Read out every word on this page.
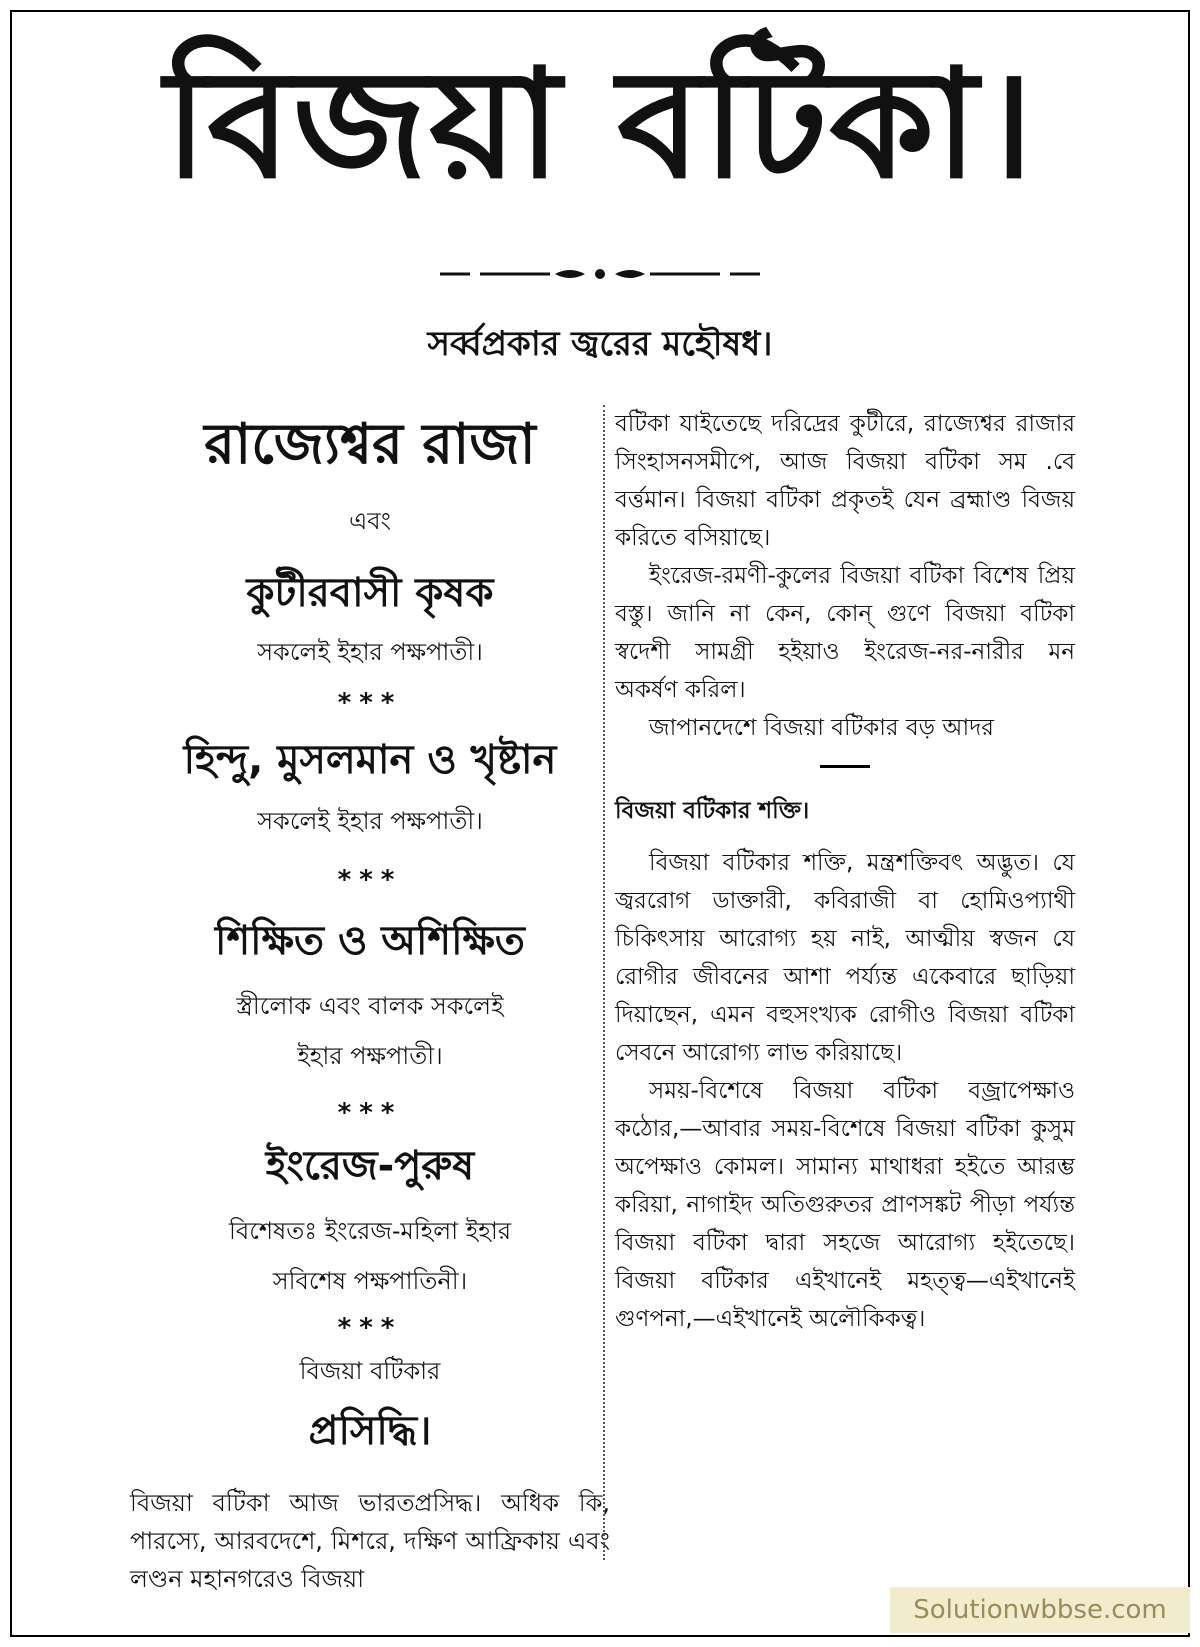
বিজয়া বটিকা।
সর্ব্বপ্রকার জ্বরের মহৌষধ।

রাজ্যেশ্বর রাজা

এবং

কুটীরবাসী কৃষক

সকলেই ইহার পক্ষপাতী।

***

হিন্দু, মুসলমান ও খৃষ্টান

সকলেই ইহার পক্ষপাতী।

***

শিক্ষিত ও অশিক্ষিত

স্ত্রীলোক এবং বালক সকলেই

ইহার পক্ষপাতী।

***

ইংরেজ-পুরুষ

বিশেষতঃ ইংরেজ-মহিলা ইহার

সবিশেষ পক্ষপাতিনী।

***

বিজয়া বটিকার

প্রসিদ্ধি।

বিজয়া বটিকা আজ ভারতপ্রসিদ্ধ। অধিক কি, পারস্যে, আরবদেশে, মিশরে, দক্ষিণ আফ্রিকায় এবং লণ্ডন মহানগরেও বিজয়া

বটিকা যাইতেছে দরিদ্রের কুটীরে, রাজ্যেশ্বর রাজার সিংহাসনসমীপে, আজ বিজয়া বটিকা সম .বে বর্ত্তমান। বিজয়া বটিকা প্রকৃতই যেন ব্রহ্মাণ্ড বিজয় করিতে বসিয়াছে।

ইংরেজ-রমণী-কুলের বিজয়া বটিকা বিশেষ প্রিয় বস্তু। জানি না কেন, কোন্ গুণে বিজয়া বটিকা স্বদেশী সামগ্রী হইয়াও ইংরেজ-নর-নারীর মন অকর্ষণ করিল।

জাপানদেশে বিজয়া বটিকার বড় আদর

বিজয়া বটিকার শক্তি।

বিজয়া বটিকার শক্তি, মন্ত্রশক্তিবৎ অদ্ভুত। যে জ্বররোগ ডাক্তারী, কবিরাজী বা হোমিওপ্যাথী চিকিৎসায় আরোগ্য হয় নাই, আত্মীয় স্বজন যে রোগীর জীবনের আশা পর্য্যন্ত একেবারে ছাড়িয়া দিয়াছেন, এমন বহুসংখ্যক রোগীও বিজয়া বটিকা সেবনে আরোগ্য লাভ করিয়াছে।

সময়-বিশেষে বিজয়া বটিকা বজ্রাপেক্ষাও কঠোর,—আবার সময়-বিশেষে বিজয়া বটিকা কুসুম অপেক্ষাও কোমল। সামান্য মাথাধরা হইতে আরম্ভ করিয়া, নাগাইদ অতিগুরুতর প্রাণসঙ্কট পীড়া পর্য্যন্ত বিজয়া বটিকা দ্বারা সহজে আরোগ্য হইতেছে। বিজয়া বটিকার এইখানেই মহত্ত্ব—এইখানেই গুণপনা,—এইখানেই অলৌকিকত্ব।

Solutionwbbse.com
